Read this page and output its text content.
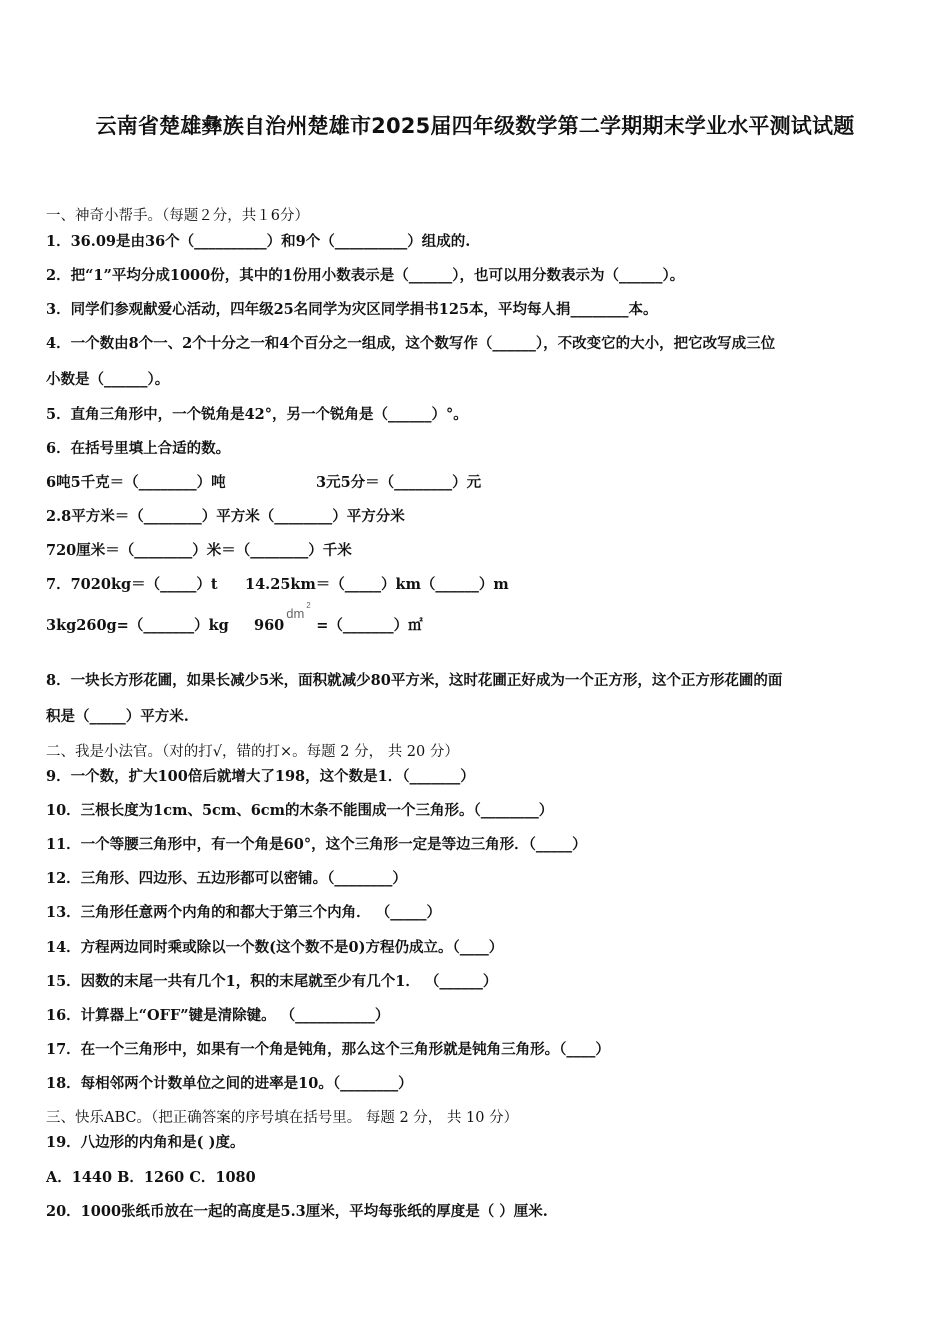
云南省楚雄彝族自治州楚雄市2025届四年级数学第二学期期末学业水平测试试题
一、神奇小帮手。（每题２分，共１6分）
1．36.09是由36个（__________）和9个（__________）组成的.
2．把“1”平均分成1000份，其中的1份用小数表示是（______），也可以用分数表示为（______）。
3．同学们参观献爱心活动，四年级25名同学为灾区同学捐书125本，平均每人捐________本。
4．一个数由8个一、2个十分之一和4个百分之一组成，这个数写作（______），不改变它的大小，把它改写成三位
小数是（______）。
5．直角三角形中，一个锐角是42°，另一个锐角是（______）°。
6．在括号里填上合适的数。
6吨5千克＝（________）吨	3元5分＝（________）元
2.8平方米＝（________）平方米（________）平方分米
720厘米＝（________）米＝（________）千米
7．7020kg＝（_____）t 14.25km＝（_____）km（______）m
3kg260g=（_______）kg 960
dm
2
=（_______）㎡
8．一块长方形花圃，如果长减少5米，面积就减少80平方米，这时花圃正好成为一个正方形，这个正方形花圃的面
积是（_____）平方米.
二、我是小法官。（对的打√，错的打×。每题 2 分， 共 20 分）
9．一个数，扩大100倍后就增大了198，这个数是1．（_______）
10．三根长度为1cm、5cm、6cm的木条不能围成一个三角形。（________）
11．一个等腰三角形中，有一个角是60°，这个三角形一定是等边三角形．（_____）
12．三角形、四边形、五边形都可以密铺。（________）
13．三角形任意两个内角的和都大于第三个内角． （_____）
14．方程两边同时乘或除以一个数(这个数不是0)方程仍成立。（____）
15．因数的末尾一共有几个1，积的末尾就至少有几个1． （______）
16．计算器上“OFF”键是清除键。 （___________）
17．在一个三角形中，如果有一个角是钝角，那么这个三角形就是钝角三角形。（____）
18．每相邻两个计数单位之间的进率是10。（________）
三、快乐ABC。（把正确答案的序号填在括号里。 每题 2 分， 共 10 分）
19．八边形的内角和是( )度。
A．1440 B．1260 C．1080
20．1000张纸币放在一起的高度是5.3厘米，平均每张纸的厚度是（ ）厘米.
